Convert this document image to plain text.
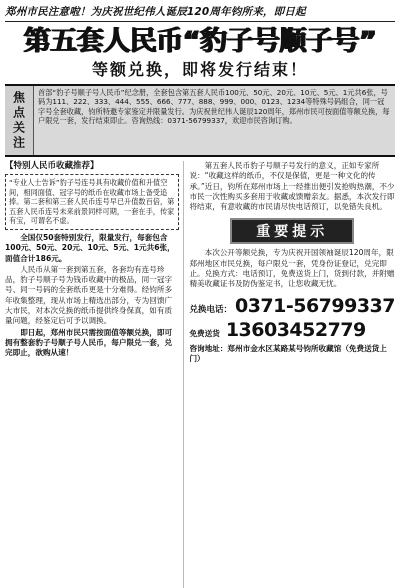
郑州市民注意啦！为庆祝世纪伟人诞辰120周年钧所来，即日起
第五套人民币“豹子号顺子号”
等额兑换，即将发行结束！
焦点关注	首部“豹子号顺子号人民币”纪念册，全套包含第五套人民币100元、50元、20元、10元、5元、1元共6张，号码为111、222、333、444、555、666、777、888、999、000、0123、1234等特殊号码组合，同一冠字号全套收藏，钧所特邀专家鉴定并限量发行。为庆祝世纪伟人诞辰120周年，郑州市民可按面值等额兑换，每户限兑一套，发行结束即止。咨询热线：0371-56799337，欢迎市民咨询订购。
【特别人民币收藏推荐】
“专业人士告诉”豹子号连号具有收藏价值和升值空间，相同面值、冠字号的纸币在收藏市场上备受追捧。第二套和第三套人民币连号早已升值数百倍，第五套人民币连号未来前景同样可期，一套在手，传家有宝，可谓名不虚。

全国仅50套特别发行，限量发行，每套包含100元、50元、20元、10元、5元、1元共6张，面值合计186元。

人民币从第一套到第五套，各套均有连号珍品，豹子号顺子号为钱币收藏中的极品，同一冠字号、同一号码的全套纸币更是十分难得。经钧所多年收集整理，现从市场上精选出部分，专为回馈广大市民，对本次兑换的纸币提供终身保真，如有质量问题，经鉴定后可予以调换。

即日起，郑州市民只需按面值等额兑换，即可拥有整套豹子号顺子号人民币，每户限兑一套，兑完即止，欲购从速！

第五套人民币豹子号顺子号发行的意义，正如专家所说：“收藏这样的纸币，不仅是保值，更是一种文化的传承。”近日，钧所在郑州市场上一经推出便引发抢购热潮，不少市民一次性购买多套用于收藏或馈赠亲友。据悉，本次发行即将结束，有意收藏的市民请尽快电话预订，以免错失良机。

重要提示

本次公开等额兑换，专为庆祝开国领袖诞辰120周年，限郑州地区市民兑换，每户限兑一套，凭身份证登记，兑完即止。兑换方式：电话预订，免费送货上门，货到付款，并附赠精美收藏证书及防伪鉴定书，让您收藏无忧。

兑换电话： 0371-56799337
免费送货 13603452779
咨询地址：郑州市金水区某路某号钧所收藏馆（免费送货上门）
